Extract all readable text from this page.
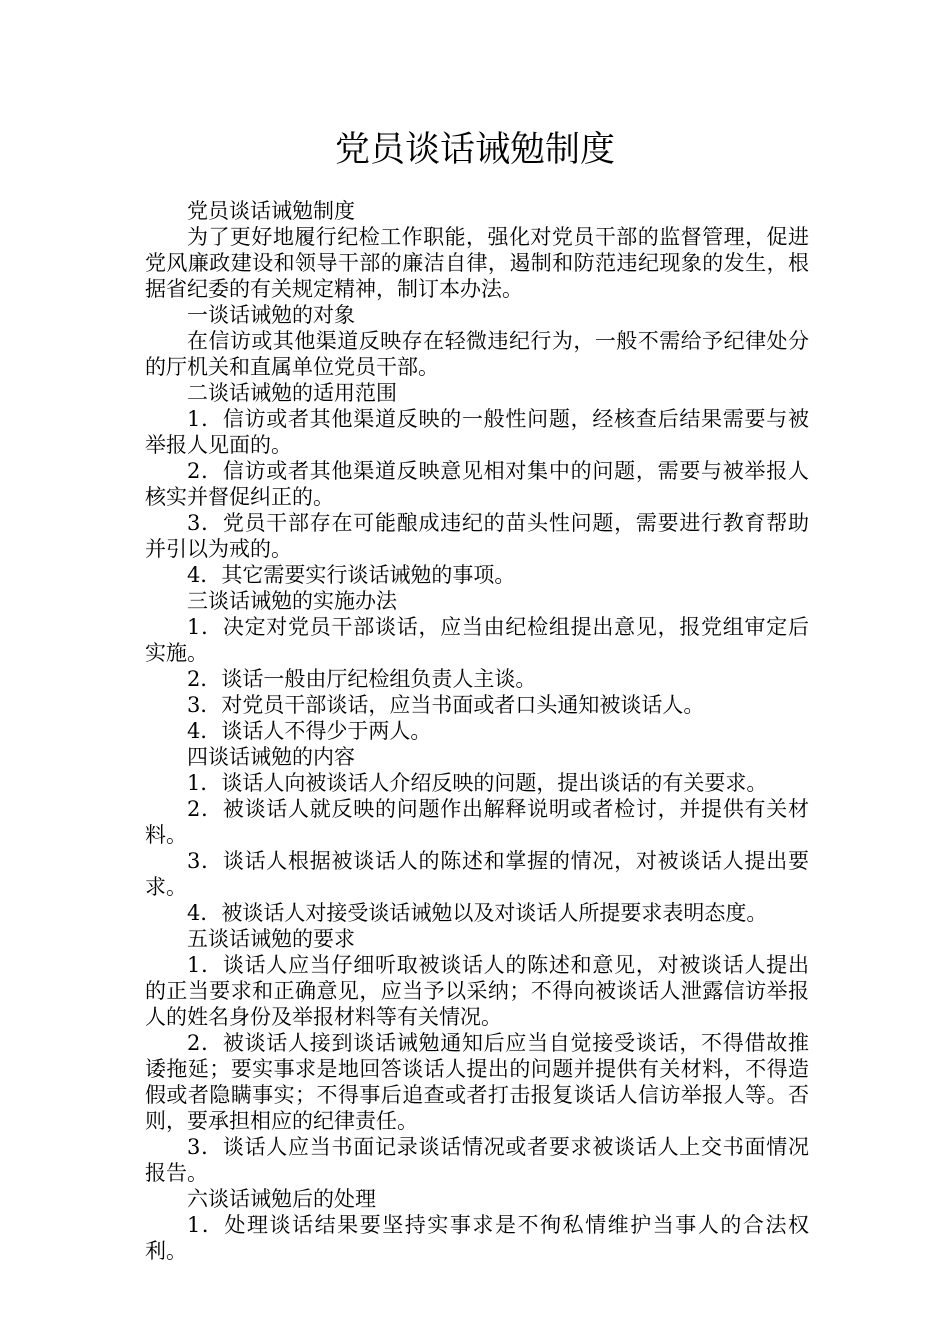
党员谈话诫勉制度

党员谈话诫勉制度

为了更好地履行纪检工作职能，强化对党员干部的监督管理，促进党风廉政建设和领导干部的廉洁自律，遏制和防范违纪现象的发生，根据省纪委的有关规定精神，制订本办法。

一谈话诫勉的对象

在信访或其他渠道反映存在轻微违纪行为，一般不需给予纪律处分的厅机关和直属单位党员干部。

二谈话诫勉的适用范围

1．信访或者其他渠道反映的一般性问题，经核查后结果需要与被举报人见面的。

2．信访或者其他渠道反映意见相对集中的问题，需要与被举报人核实并督促纠正的。

3．党员干部存在可能酿成违纪的苗头性问题，需要进行教育帮助并引以为戒的。

4．其它需要实行谈话诫勉的事项。

三谈话诫勉的实施办法

1．决定对党员干部谈话，应当由纪检组提出意见，报党组审定后实施。

2．谈话一般由厅纪检组负责人主谈。

3．对党员干部谈话，应当书面或者口头通知被谈话人。

4．谈话人不得少于两人。

四谈话诫勉的内容

1．谈话人向被谈话人介绍反映的问题，提出谈话的有关要求。

2．被谈话人就反映的问题作出解释说明或者检讨，并提供有关材料。

3．谈话人根据被谈话人的陈述和掌握的情况，对被谈话人提出要求。

4．被谈话人对接受谈话诫勉以及对谈话人所提要求表明态度。

五谈话诫勉的要求

1．谈话人应当仔细听取被谈话人的陈述和意见，对被谈话人提出的正当要求和正确意见，应当予以采纳；不得向被谈话人泄露信访举报人的姓名身份及举报材料等有关情况。

2．被谈话人接到谈话诫勉通知后应当自觉接受谈话，不得借故推诿拖延；要实事求是地回答谈话人提出的问题并提供有关材料，不得造假或者隐瞒事实；不得事后追查或者打击报复谈话人信访举报人等。否则，要承担相应的纪律责任。

3．谈话人应当书面记录谈话情况或者要求被谈话人上交书面情况报告。

六谈话诫勉后的处理

1．处理谈话结果要坚持实事求是不徇私情维护当事人的合法权利。
